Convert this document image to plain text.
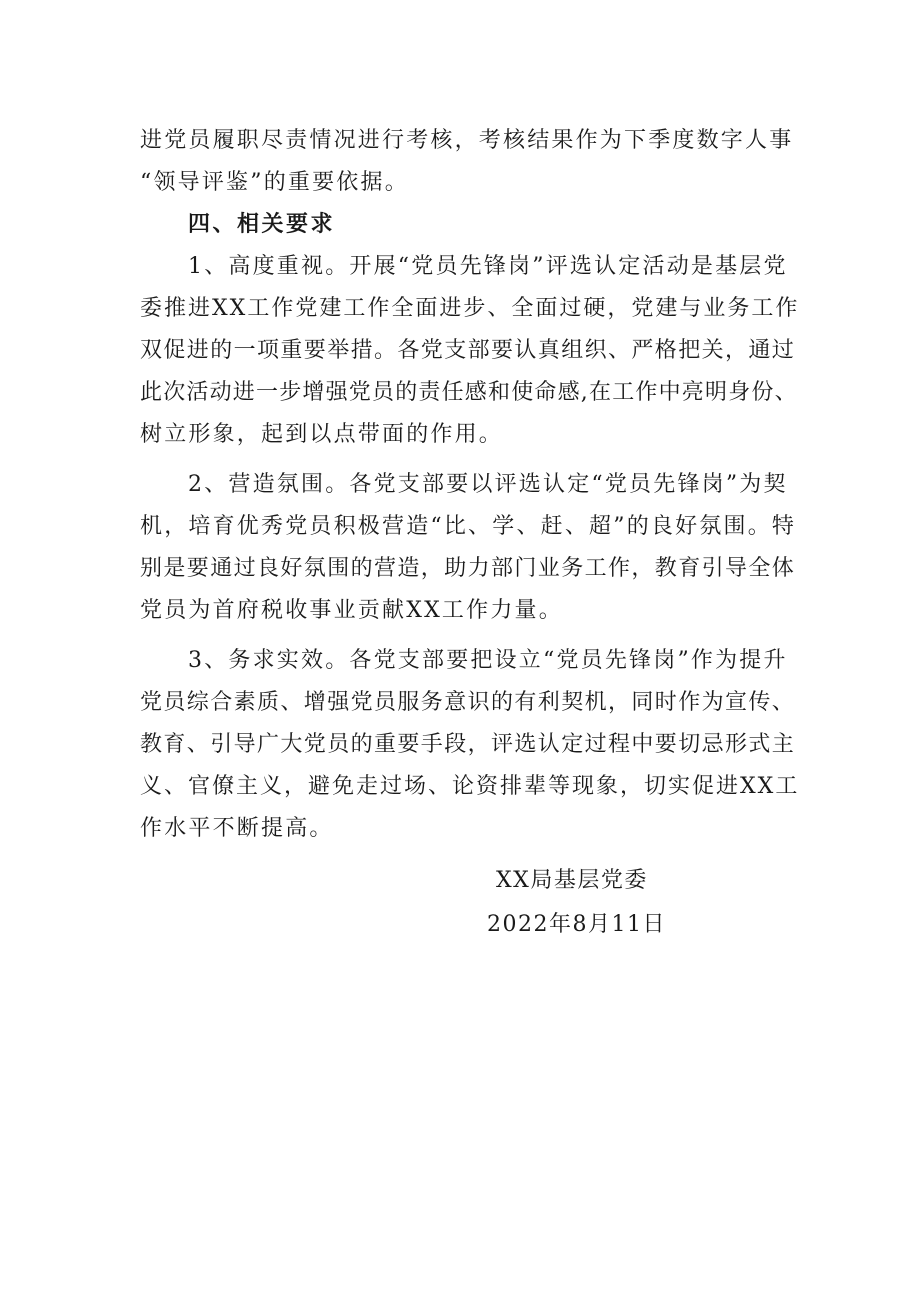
进党员履职尽责情况进行考核，考核结果作为下季度数字人事
“领导评鉴”的重要依据。
四、相关要求
1、高度重视。开展“党员先锋岗”评选认定活动是基层党
委推进XX工作党建工作全面进步、全面过硬，党建与业务工作
双促进的一项重要举措。各党支部要认真组织、严格把关，通过
此次活动进一步增强党员的责任感和使命感,在工作中亮明身份、
树立形象，起到以点带面的作用。
2、营造氛围。各党支部要以评选认定“党员先锋岗”为契
机，培育优秀党员积极营造“比、学、赶、超”的良好氛围。特
别是要通过良好氛围的营造，助力部门业务工作，教育引导全体
党员为首府税收事业贡献XX工作力量。
3、务求实效。各党支部要把设立“党员先锋岗”作为提升
党员综合素质、增强党员服务意识的有利契机，同时作为宣传、
教育、引导广大党员的重要手段，评选认定过程中要切忌形式主
义、官僚主义，避免走过场、论资排辈等现象，切实促进XX工
作水平不断提高。
XX局基层党委
2022年8月11日
